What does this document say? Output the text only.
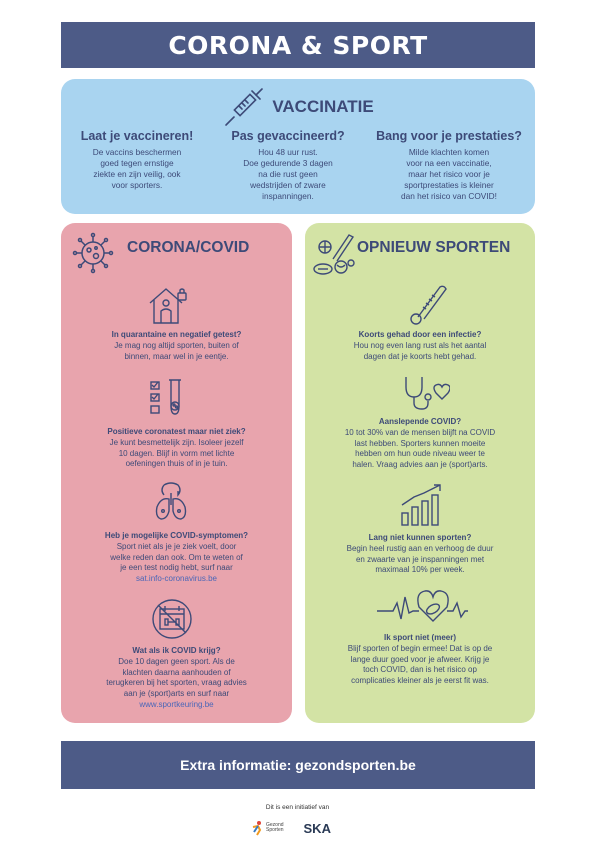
CORONA & SPORT
VACCINATIE
Laat je vaccineren!

De vaccins beschermen
goed tegen ernstige
ziekte en zijn veilig, ook
voor sporters.

Pas gevaccineerd?

Hou 48 uur rust.
Doe gedurende 3 dagen
na die rust geen
wedstrijden of zware
inspanningen.

Bang voor je prestaties?

Milde klachten komen
voor na een vaccinatie,
maar het risico voor je
sportprestaties is kleiner
dan het risico van COVID!

CORONA/COVID
In quarantaine en negatief getest?
Je mag nog altijd sporten, buiten of
binnen, maar wel in je eentje.
Positieve coronatest maar niet ziek?
Je kunt besmettelijk zijn. Isoleer jezelf
10 dagen. Blijf in vorm met lichte
oefeningen thuis of in je tuin.
Heb je mogelijke COVID-symptomen?
Sport niet als je je ziek voelt, door
welke reden dan ook. Om te weten of
je een test nodig hebt, surf naar
sat.info-coronavirus.be
Wat als ik COVID krijg?
Doe 10 dagen geen sport. Als de
klachten daarna aanhouden of
terugkeren bij het sporten, vraag advies
aan je (sport)arts en surf naar
www.sportkeuring.be
OPNIEUW SPORTEN
Koorts gehad door een infectie?
Hou nog even lang rust als het aantal
dagen dat je koorts hebt gehad.
Aanslepende COVID?
10 tot 30% van de mensen blijft na COVID
last hebben. Sporters kunnen moeite
hebben om hun oude niveau weer te
halen. Vraag advies aan je (sport)arts.
Lang niet kunnen sporten?
Begin heel rustig aan en verhoog de duur
en zwaarte van je inspanningen met
maximaal 10% per week.
Ik sport niet (meer)
Blijf sporten of begin ermee! Dat is op de
lange duur goed voor je afweer. Krijg je
toch COVID, dan is het risico op
complicaties kleiner als je eerst fit was.
Extra informatie: gezondsporten.be
Dit is een initiatief van
Gezond
Sporten SKA
